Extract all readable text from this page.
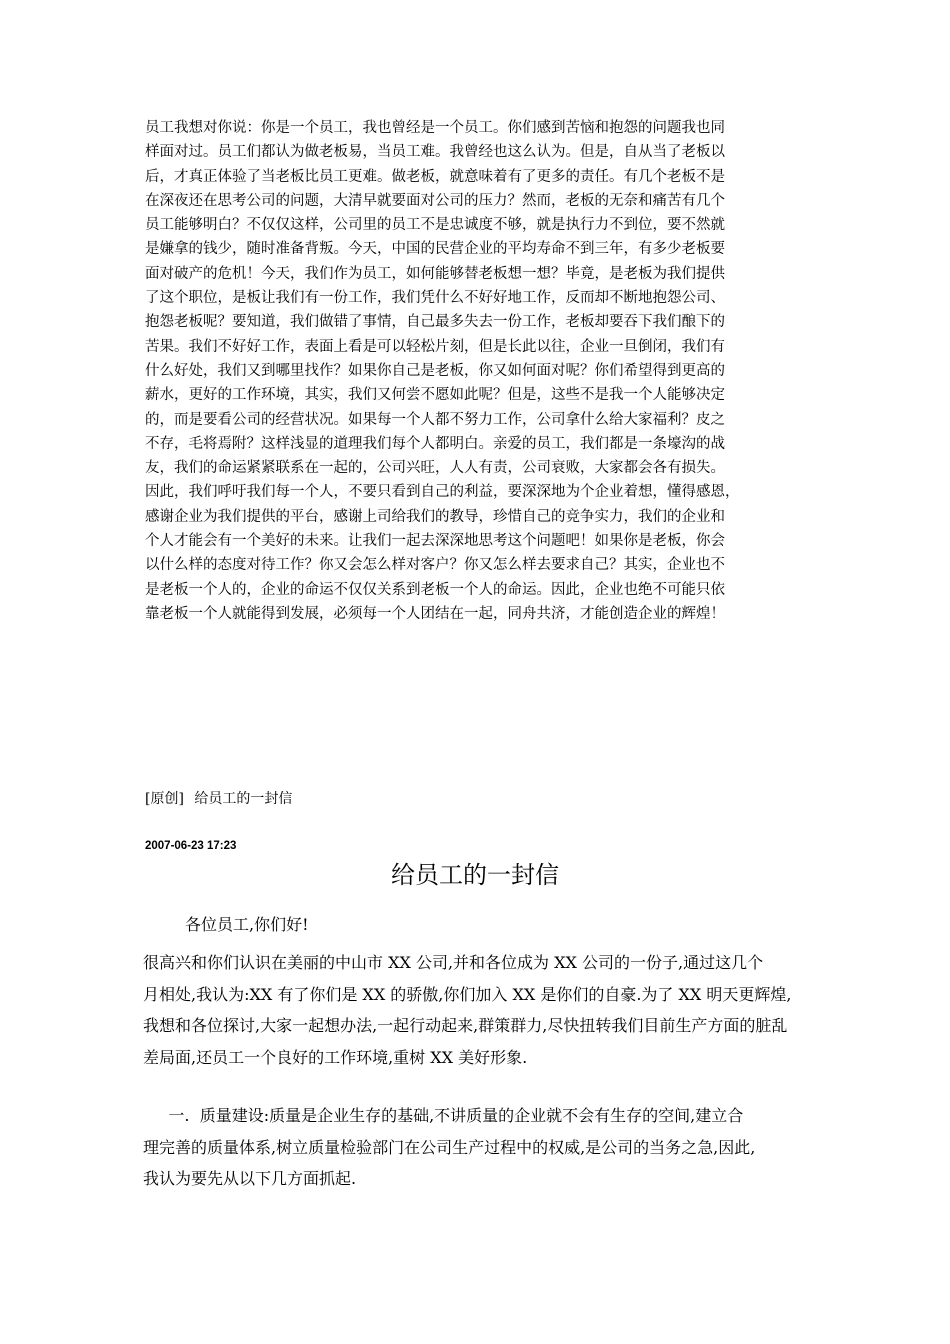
员工我想对你说：你是一个员工，我也曾经是一个员工。你们感到苦恼和抱怨的问题我也同
样面对过。员工们都认为做老板易，当员工难。我曾经也这么认为。但是，自从当了老板以
后，才真正体验了当老板比员工更难。做老板，就意味着有了更多的责任。有几个老板不是
在深夜还在思考公司的问题，大清早就要面对公司的压力？然而，老板的无奈和痛苦有几个
员工能够明白？不仅仅这样，公司里的员工不是忠诚度不够，就是执行力不到位，要不然就
是嫌拿的钱少，随时准备背叛。今天，中国的民营企业的平均寿命不到三年，有多少老板要
面对破产的危机！今天，我们作为员工，如何能够替老板想一想？毕竟，是老板为我们提供
了这个职位，是板让我们有一份工作，我们凭什么不好好地工作，反而却不断地抱怨公司、
抱怨老板呢？要知道，我们做错了事情，自己最多失去一份工作，老板却要吞下我们酿下的
苦果。我们不好好工作，表面上看是可以轻松片刻，但是长此以往，企业一旦倒闭，我们有
什么好处，我们又到哪里找作？如果你自己是老板，你又如何面对呢？你们希望得到更高的
薪水，更好的工作环境，其实，我们又何尝不愿如此呢？但是，这些不是我一个人能够决定
的，而是要看公司的经营状况。如果每一个人都不努力工作，公司拿什么给大家福利？皮之
不存，毛将焉附？这样浅显的道理我们每个人都明白。亲爱的员工，我们都是一条壕沟的战
友，我们的命运紧紧联系在一起的，公司兴旺，人人有责，公司衰败，大家都会各有损失。
因此，我们呼吁我们每一个人，不要只看到自己的利益，要深深地为个企业着想，懂得感恩，
感谢企业为我们提供的平台，感谢上司给我们的教导，珍惜自己的竞争实力，我们的企业和
个人才能会有一个美好的未来。让我们一起去深深地思考这个问题吧！如果你是老板，你会
以什么样的态度对待工作？你又会怎么样对客户？你又怎么样去要求自己？其实，企业也不
是老板一个人的，企业的命运不仅仅关系到老板一个人的命运。因此，企业也绝不可能只依
靠老板一个人就能得到发展，必须每一个人团结在一起，同舟共济，才能创造企业的辉煌！
[原创] 给员工的一封信
2007-06-23 17:23
给员工的一封信
各位员工,你们好!
很高兴和你们认识在美丽的中山市 XX 公司,并和各位成为 XX 公司的一份子,通过这几个
月相处,我认为:XX 有了你们是 XX 的骄傲,你们加入 XX 是你们的自豪.为了 XX 明天更辉煌,
我想和各位探讨,大家一起想办法,一起行动起来,群策群力,尽快扭转我们目前生产方面的脏乱
差局面,还员工一个良好的工作环境,重树 XX 美好形象.
一.  质量建设:质量是企业生存的基础,不讲质量的企业就不会有生存的空间,建立合
理完善的质量体系,树立质量检验部门在公司生产过程中的权威,是公司的当务之急,因此,
我认为要先从以下几方面抓起.
